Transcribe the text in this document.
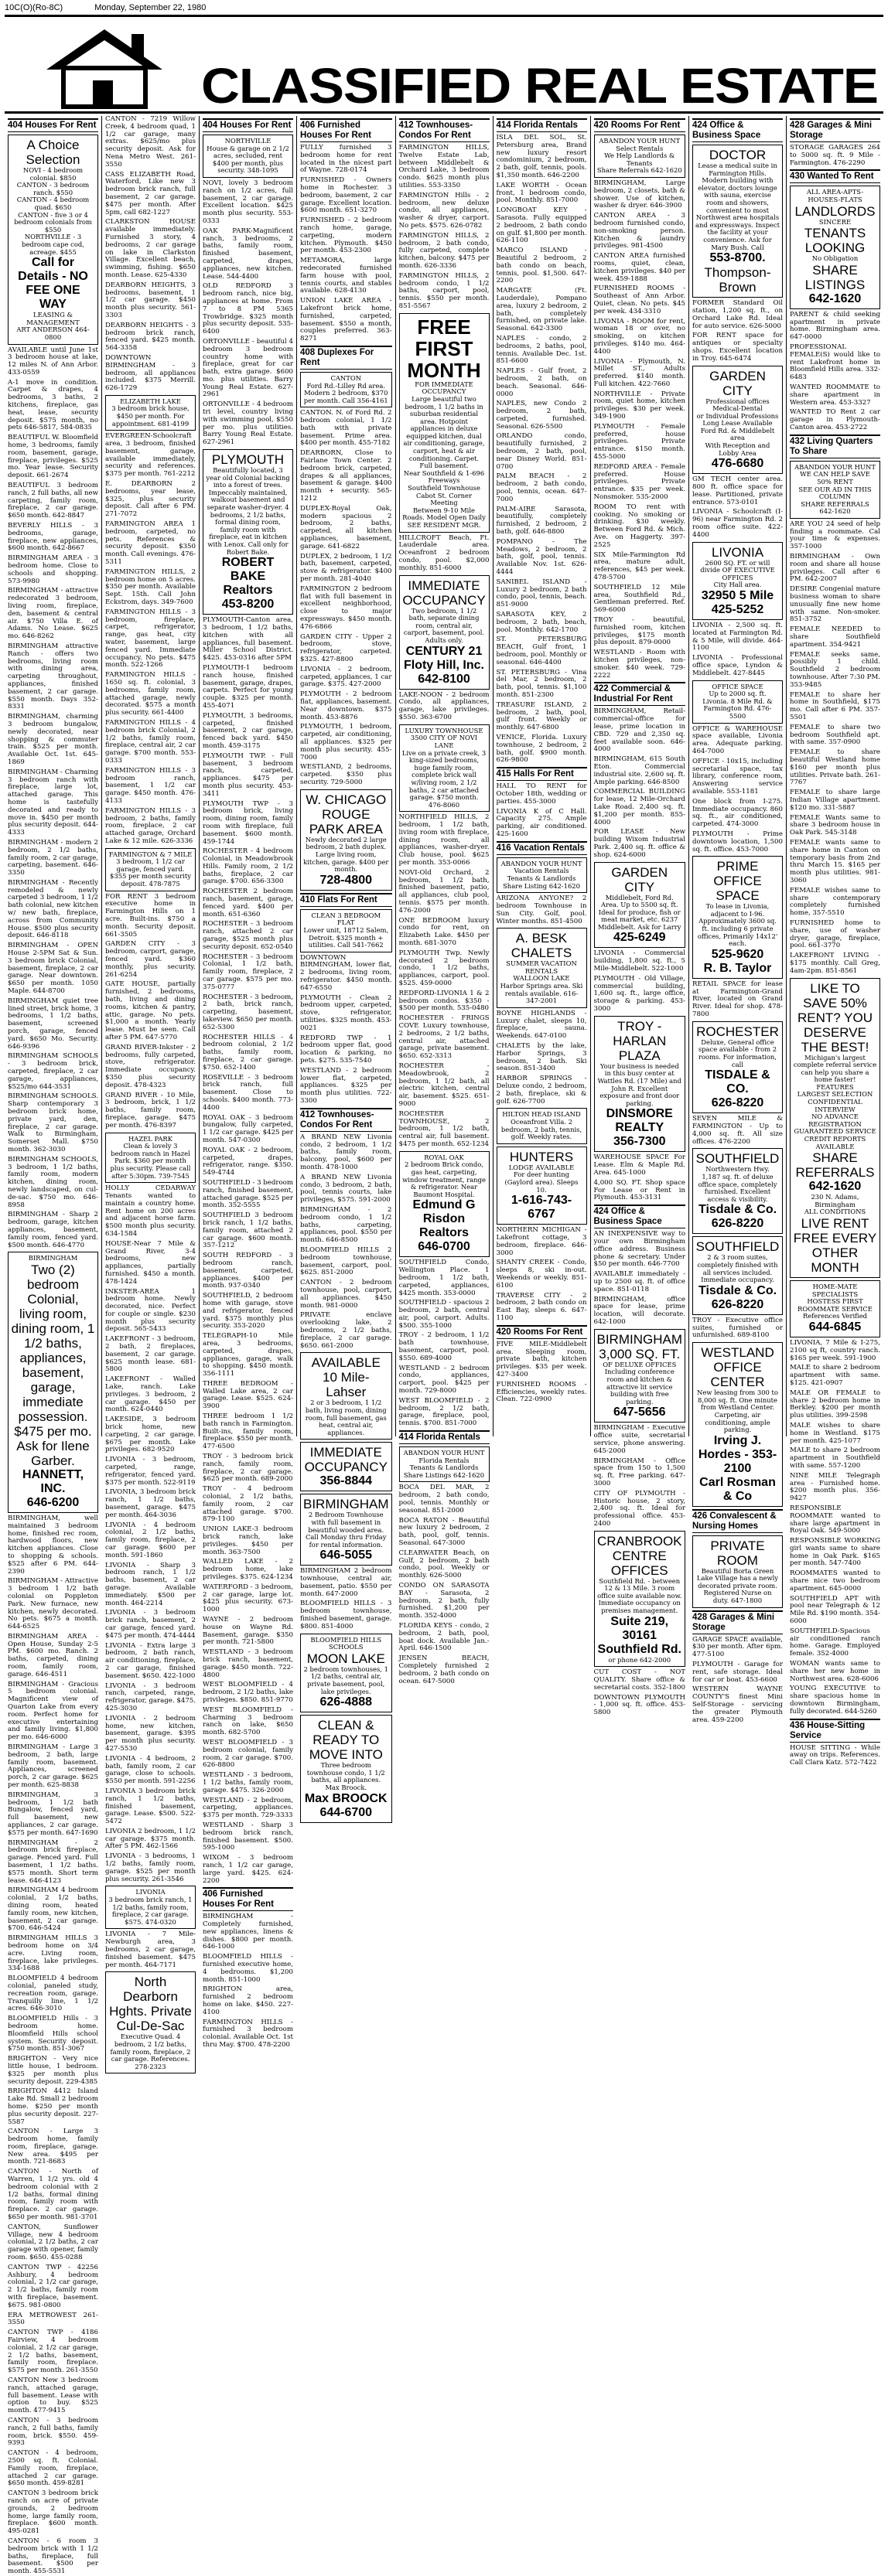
10C(O)(Ro-8C)	Monday, September 22, 1980
CLASSIFIED REAL ESTATE
404 Houses For Rent
A Choice Selection
NOVI - 4 bedroom colonial. $850
CANTON - 3 bedroom ranch. $550
CANTON - 4 bedroom quad. $650
CANTON - five 3 or 4 bedroom colonials from $550
NORTHVILLE - 3 bedroom cape cod, acreage. $455
Call for Details - NO FEE ONE WAY
LEASING & MANAGEMENT
ART ANDERSON 464-0800
AVAILABLE until June 1st 3 bedroom house at lake, 12 miles N. of Ann Arbor. 433-0559
A-1 move in condition. Carpet & drapes, 4 bedrooms, 3 baths, 2 kitchens, fireplace, gas heat, lease, security deposit. $575 month, no pets 646-5817, 584-0835
BEAUTIFUL W. Bloomfield home, 3 bedrooms, family room, basement, garage, fireplace, privileges. $525 mo. Year lease. Security deposit. 661-2674
BEAUTIFUL 3 bedroom ranch, 2 full baths, all new carpeting, family room, fireplace, 2 car garage. $650 month. 642-8847
BEVERLY HILLS - 3 bedrooms, garage, fireplace, new appliances, $600 month. 642-8667
BIRMINGHAM AREA - 3 bedroom home. Close to schools and shopping. 573-9980
BIRMINGHAM - attractive redecorated 3 bedroom, living room, fireplace, den, basement & central air. $750 Villa E. of Adams. No Lease. $625 mo. 646-8262
BIRMINGHAM attractive Ranch - offers two bedrooms, living room with dining area, carpeting throughout, appliances, finished basement, 2 car garage. $550 month. Days 352-8331
BIRMINGHAM, charming 3 bedroom bungalow, newly decorated, near shopping & commuter train. $525 per month. Available Oct. 1st. 645-1869
BIRMINGHAM - Charming 3 bedroom ranch with fireplace, large lot, attached garage. This home is tastefully decorated and ready to move in. $450 per month plus security deposit. 644-4333
BIRMINGHAM - modern 2 bedroom, 2 1/2 baths, family room, 2 car garage, carpeting, basement. 646-3350
BIRMINGHAM - Recently remodeled & newly carpeted 3 bedroom, 1 1/2 bath colonial, new kitchen w/ new bath, fireplace, across from Community House. $500 plus security deposit. 646-8118
BIRMINGHAM - OPEN House 2-5PM Sat & Sun. 3 bedroom brick Colonial, basement, fireplace, 2 car garage. Near downtown. $650 per month. 1050 Maple. 644-8700
BIRMINGHAM quiet tree lined street, brick home, 3 bedrooms, 1 1/2 baths, basement, screened porch, garage, fenced yard. $650 Mo. Security. 646-9396
BIRMINGHAM SCHOOLS - 3 bedroom brick, carpeted, fireplace, 2 car garage, appliances, $525/mo 644-3531
BIRMINGHAM SCHOOLS. Sharp contemporary 3 bedroom brick home, private yard, den, fireplace, 2 car garage. Walk to Birmingham, Somerset Mall. $750 month. 362-3030
BIRMINGHAM SCHOOLS, 3 bedroom, 1 1/2 baths, family room, modern kitchen, dining room, newly landscaped, on cul-de-sac. $750 mo. 646-8958
BIRMINGHAM - Sharp 2 bedroom, garage, kitchen appliances, basement, family room, fenced yard. $500 month. 646-4770
BIRMINGHAM
Two (2) bedroom Colonial, living room, dining room, 1 1/2 baths, appliances, basement, garage, immediate possession. $475 per mo. Ask for Ilene Garber.
HANNETT, INC.
646-6200
BIRMINGHAM, well maintained 3 bedroom home, finished rec room, hardwood floors, new kitchen appliances. Close to shopping & schools. $525 after 6 PM. 644-2390
BIRMINGHAM - Attractive 3 bedroom 1 1/2 bath colonial on Poppleton Park. New furnace, new kitchen, newly decorated. No pets. $675 a month. 644-6525
BIRMINGHAM AREA - Open House, Sunday 2-5 PM. $600 mo. Ranch. 2 baths, carpeted, dining room, family room, garage. 646-4511
BIRMINGHAM - Gracious 5 bedroom colonial. Magnificent view of Quarton Lake from every room. Perfect home for executive entertaining and family living. $1,800 per mo. 646-6000
BIRMINGHAM - Large 3 bedroom, 2 bath, large family room, basement. Appliances, screened porch, 2 car garage. $625 per month. 625-8838
BIRMINGHAM, 3 bedroom, 1 1/2 bath Bungalow, fenced yard, full basement, new appliances, 2 car garage. $575 per month. 647-1690
BIRMINGHAM - 2 bedroom brick fireplace, garage. Fenced yard. Full basement, 1 1/2 baths. $575 month. Short term lease. 646-4123
BIRMINGHAM 4 bedroom colonial, 2 1/2 baths, dining room, heated family room, new kitchen, basement, 2 car garage. $700. 646-5424
BIRMINGHAM HILLS 3 bedroom home on 3/4 acre. Living room, fireplace, lake privileges. 334-1688
BLOOMFIELD 4 bedroom colonial, paneled study, recreation room, garage. Tranquilly line, 1 1/2 acres. 646-3010
BLOOMFIELD Hills - 3 bedroom home. Bloomfield Hills school system. Security deposit. $750 month. 851-3067
BRIGHTON - Very nice little house, 1 bedroom. $325 per month plus security deposit. 229-4385
BRIGHTON 4412 Island Lake Rd. Small 2 bedroom home. $250 per month plus security deposit. 227-5587
CANTON - Large 3 bedroom home, family room, fireplace, garage. New area. $495 per month. 721-8683
CANTON - North of Warren, 1 1/2 yrs. old 4 bedroom colonial with 2 1/2 baths, formal dining room, family room with fireplace. 2 car garage. $650 per month. 981-3701
CANTON, Sunflower Village, new 4 bedroom colonial, 2 1/2 baths, 2 car garage with opener, family room. $650. 455-0288
CANTON TWP - 42256 Ashbury, 4 bedroom colonial, 2 1/2 car garage, 2 1/2 baths, family room with fireplace, basement. $675. 981-0800
ERA METROWEST 261-3550
CANTON TWP - 4186 Fairview, 4 bedroom colonial, 2 1/2 car garage, 2 1/2 baths, basement, family room, fireplace. $575 per month. 261-3550
CANTON New 3 bedroom ranch, attached garage, full basement. Lease with option to buy. $525 month. 477-9415
CANTON - 3 bedroom ranch, 2 full baths, family room, brick. $550. 459-9393
CANTON - 4 bedroom, 2500 sq. ft. Colonial. Family room, fireplace, attached 2 car garage. $650 month. 459-8281
CANTON 3 bedroom brick ranch on acre of private grounds, 2 bedroom home, large family room, fireplace. $600 month. 495-0281
CANTON - 6 room 3 bedroom brick with 1 1/2 baths, fireplace, full basement. $500 per month. 455-5531
CANTON - 7219 Willow Creek, 4 bedroom quad, 1 1/2 car garage, many extras. $625/mo plus security deposit. Ask for Nena Metro West. 261-3550
CASS ELIZABETH Road, Waterford, Like new 3 bedroom brick ranch, full basement, 2 car garage. $475 per month. After 5pm, call 682-1227
CLARKSTON HOUSE available immediately. Furnished 3 story, 4 bedrooms, 2 car garage on lake in Clarkston Village. Excellent beach, swimming, fishing. $650 month. Lease. 625-4330
DEARBORN HEIGHTS, 3 bedrooms, basement, 1 1/2 car garage. $450 month plus security. 561-3303
DEARBORN HEIGHTS - 3 bedroom brick ranch, fenced yard. $425 month. 564-3358
DOWNTOWN BIRMINGHAM - 3 bedroom, all appliances included. $375 Merrill. 626-1729
ELIZABETH LAKE
3 bedroom brick house, $450 per month. For appointment. 681-4199
EVERGREEN-Schoolcraft area, 3 bedroom, finished basement, garage, available immediately, security and references. $375 per month. 761-2212
E. DEARBORN 2 bedrooms, year lease, $325, plus security deposit. Call after 6 PM. 271-7072
FARMINGTON AREA 1 bedroom, carpeted, no pets. References & security deposit. $350 month. Call evenings. 476-5311
FARMINGTON HILLS, 2 bedroom home on 5 acres. $350 per month. Available Sept. 15th. Call John Eckstrom, days. 349-7600
FARMINGTON HILLS - 3 bedroom, fireplace, carpet, refrigerator, range, gas heat, city water, basement, large fenced yard. Immediate occupancy. No pets. $475 month. 522-1266
FARMINGTON HILLS - 1650 sq. ft. colonial, 3 bedrooms, family room, attached garage, newly decorated. $575 a month plus security. 661-4400
FARMINGTON HILLS - 4 bedroom brick Colonial, 2 1/2 baths, family room, fireplace, central air, 2 car garage. $700 month. 553-0333
FARMINGTON HILLS - 3 bedroom ranch, basement, 1 1/2 car garage. $450 month. 476-4133
FARMINGTON HILLS - 3 bedroom, 2 baths, family room, fireplace, 2 car attached garage, Orchard Lake & 12 mile. 626-3336
FARMINGTON & 7 MILE
3 bedroom, 1 1/2 car garage, fenced yard. $355 per month security deposit. 478-7875
FOR RENT 3 bedroom executive home in Farmington Hills on 1 acre. Built-ins. $750 a month. Security deposit. 661-3505
GARDEN CITY - 3 bedroom, carport, garage, fenced yard. $360 monthly, plus security. 261-6254
GATE HOUSE, partially furnished, 2 bedrooms, bath, living and dining rooms, kitchen & pantry, attic, garage. No pets. $1,000 a month. Yearly lease. Must be seen. Call after 5 PM. 647-5770
GRAND RIVER-Inkster - 2 bedrooms, fully carpeted, stove, refrigerator. Immediate occupancy. $350 plus security deposit. 478-4323
GRAND RIVER - 10 Mile, 3 bedroom, brick, 1 1/2 baths, family room, fireplace, garage. $475 per month. 476-8397
HAZEL PARK
Clean & lovely 3 bedroom ranch in Hazel Park. $360 per month plus security. Please call after 5:30pm. 739-7545
HOLLY CEDARWAY Tenants wanted to maintain a country home. Rent home on 200 acres and adjacent horse farm. $500 month plus security. 634-1584
HOUSE-Near 7 Mile & Grand River, 3-4 bedrooms, new appliances, partially furnished. $450 a month. 478-1424
INKSTER-AREA 1 bedroom home. Newly decorated, nice. Perfect for couple or single. $230 month plus security deposit. 565-5433
LAKEFRONT - 3 bedroom, 2 bath, 2 fireplaces, basement, 2 car garage. $625 month lease. 681-5800
LAKEFRONT - Walled Lake, ranch. Lake privileges. 3 bedroom, 2 car garage. $450 per month. 624-0440
LAKESIDE, 3 bedroom brick home, new carpeting, 2 car garage. $675 per month. Lake privileges. 682-9520
LIVONIA - 3 bedroom, carpeted, range, refrigerator, fenced yard. $375 per month. 522-9119
LIVONIA, 3 bedroom brick ranch, 1 1/2 baths, basement, garage. $475 per month. 464-3036
LIVONIA - 4 bedroom colonial, 2 1/2 baths, family room, fireplace, 2 car garage. $600 per month. 591-1860
LIVONIA - Sharp 3 bedroom ranch, 1 1/2 baths, basement, 2 car garage. Available immediately. $500 per month. 464-2214
LIVONIA - 3 bedroom brick ranch, basement, 2 car garage, fenced yard. $475 per month. 474-4444
LIVONIA - Extra large 3 bedroom, 2 bath ranch, air conditioning, fireplace, 2 car garage, finished basement. $650. 422-1000
LIVONIA - 3 bedroom ranch, carpeted, range, refrigerator, garage. $475. 425-3030
LIVONIA - 2 bedroom home, new kitchen, basement, garage. $395 per month plus security. 427-5530
LIVONIA - 4 bedroom, 2 bath, family room, 2 car garage, close to schools. $550 per month. 591-2256
LIVONIA 3 bedroom brick ranch, 1 1/2 baths, finished basement, garage. Lease. $500. 522-5472
LIVONIA 2 bedroom, 1 1/2 car garage. $375 month. After 5 PM. 462-1566
LIVONIA - 3 bedrooms, 1 1/2 baths, family room, garage. $525 per month plus security. 261-3546
LIVONIA
3 bedroom brick ranch, 1 1/2 baths, family room, fireplace, 2 car garage. $575. 474-0320
LIVONIA - 7 Mile-Newburgh area, 3 bedrooms, 2 car garage, finished basement. $475 per month. 464-7171
North Dearborn Hghts. Private Cul-De-Sac
Executive Quad. 4 bedroom, 2 1/2 baths, family room, fireplace, 2 car garage. References. 278-2323
404 Houses For Rent
NORTHVILLE
House & garage on 2 1/2 acres, secluded, rent $400 per month, plus security. 348-1095
NOVI, lovely 3 bedroom ranch on 1/2 acres, full basement, 2 car garage. Excellent location. $425 month plus security. 553-0333
OAK PARK-Magnificent ranch, 3 bedrooms, 2 baths, family room, finished basement, carpeted, drapes, appliances, new kitchen. Lease. 544-4400
OLD REDFORD 3 bedroom ranch, nice big, appliances at home. From 7 to 8 PM 5365 Trowbridge. $325 month plus security deposit. 535-6400
ORTONVILLE - beautiful 4 bedroom 3 bedroom country home with fireplace, great for car bath, extra garage. $600 mo. plus utilities. Barry Young Real Estate. 627-2961
ORTONVILLE - 4 bedroom tri level, country living with swimming pool, $550 per mo. plus utilities. Barry Young Real Estate. 627-2961
PLYMOUTH
Beautifully located, 3 year old Colonial backing into a forest of trees. Impeccably maintained, walkout basement and separate washer-dryer. 4 bedrooms, 2 1/2 baths, formal dining room, family room with fireplace, eat in kitchen with Lenox. Call only for Robert Bake.
ROBERT BAKE Realtors
453-8200
PLYMOUTH-Canton area, 3 bedroom, 1 1/2 baths, kitchen with all appliances, full basement. Miller School District. $425. 453-0316 after 5PM
PLYMOUTH-1 bedroom ranch house, finished basement, garage, drapes, carpets. Perfect for young couple. $325 per month. 455-4071
PLYMOUTH, 3 bedrooms, carpeted, finished basement, 2 car garage, fenced back yard. $450 month. 459-3175
PLYMOUTH TWP. - Full basement, 3 bedroom ranch, carpeted, appliances. $475 per month plus security. 453-3411
PLYMOUTH TWP - 3 bedroom brick, living room, dining room, family room with fireplace, full basement. $600 month. 459-1744
ROCHESTER - 4 bedroom Colonial, in Meadowbrook Hills. Family room, 2 1/2 baths, fireplace, 2 car garage. $700. 656-3300
ROCHESTER 2 bedroom ranch, basement, garage, fenced yard. $400 per month. 651-6360
ROCHESTER - 3 bedroom ranch, attached 2 car garage, $525 month plus security deposit. 652-0540
ROCHESTER - 3 bedroom Colonial, 1 1/2 bath, family room, fireplace, 2 car garage. $575 per mo. 375-0777
ROCHESTER - 3 bedroom, 2 bath, brick ranch, carpeting, basement, lakeview. $650 per month. 652-5300
ROCHESTER HILLS - 4 bedroom colonial, 2 1/2 baths, family room, fireplace, 2 car garage. $750. 652-1400
ROSEVILLE - 3 bedroom brick ranch, full basement. Close to schools. $400 month. 773-4400
ROYAL OAK - 3 bedroom bungalow, fully carpeted, 1 1/2 car garage. $425 per month. 547-0300
ROYAL OAK - 2 bedroom, carpeted, drapes, refrigerator, range. $350. 549-4744
SOUTHFIELD - 3 bedroom ranch, finished basement, attached garage. $525 per month. 352-5555
SOUTHFIELD 3 bedroom brick ranch, 1 1/2 baths, family room, attached 2 car garage. $600 month. 357-1212
SOUTH REDFORD - 3 bedroom ranch, basement, carpeted, appliances. $400 per month. 937-0340
SOUTHFIELD, 2 bedroom home with garage, stove and refrigerator, fenced yard. $375 monthly plus security. 353-2020
TELEGRAPH-10 Mile area, 3 bedrooms, carpeted, drapes, appliances, garage, walk to shopping. $450 month. 356-1111
THREE BEDROOM - Walled Lake area, 2 car garage. Lease. $525. 624-3900
THREE bedroom 1 1/2 bath ranch in Farmington. Built-ins, family room, fireplace. $550 per month. 477-6500
TROY - 3 bedroom brick ranch, family room, fireplace, 2 car garage. $625 per month. 689-2000
TROY - 4 bedroom colonial, 2 1/2 baths, family room, 2 car attached garage. $700. 879-1100
UNION LAKE-3 bedroom brick ranch, lake privileges. $450 per month. 363-7500
WALLED LAKE - 2 bedroom home, lake privileges. $375. 624-1234
WATERFORD - 3 bedroom, 2 car garage, large lot. $425 plus security. 673-1000
WAYNE - 2 bedroom house on Wayne Rd. Basement, garage. $350 per month. 721-5800
WESTLAND - 3 bedroom brick ranch, basement, garage. $450 month. 722-4800
WEST BLOOMFIELD - 4 bedroom, 2 1/2 baths, lake privileges. $850. 851-9770
WEST BLOOMFIELD - Charming 3 bedroom ranch on lake, $650 month. 682-5700
WEST BLOOMFIELD - 3 bedroom colonial, family room, 2 car garage. $700. 626-8800
WESTLAND - 3 bedroom, 1 1/2 baths, family room, garage. $475. 326-2000
WESTLAND - 2 bedroom, carpeting, appliances. $375 per month. 729-3333
WESTLAND - Sharp 3 bedroom brick ranch, finished basement. $500. 595-1000
WIXOM - 3 bedroom ranch, 1 1/2 car garage, large yard. $425. 624-2200
406 Furnished Houses For Rent
BIRMINGHAM - Completely furnished, new appliances, linens & dishes. $800 per month. 646-1000
BLOOMFIELD HILLS - furnished executive home, 4 bedrooms. $1,200 month. 851-1000
BRIGHTON area, furnished 2 bedroom home on lake. $450. 227-4100
FARMINGTON HILLS - furnished 3 bedroom colonial. Available Oct. 1st thru May. $700. 478-2200
406 Furnished Houses For Rent
FULLY furnished 3 bedroom home for rent located in the nicest part of Wayne. 728-0174
FURNISHED - Owners home in Rochester. 3 bedroom, basement, 2 car garage. Excellent location. $600 month. 651-3270
FURNISHED - 2 bedroom ranch home, garage, carpeting, modern kitchen. Plymouth. $450 per month. 453-2300
METAMORA, large redecorated furnished farm house with pool, tennis courts, and stables available. 628-4130
UNION LAKE AREA - Lakefront brick home, furnished, carpeted, basement. $550 a month, couples preferred. 363-8271
408 Duplexes For Rent
CANTON
Ford Rd.-Lilley Rd area. Modern 2 bedroom, $370 per month. Call 356-4161
CANTON. N. of Ford Rd. 2 bedroom colonial, 1 1/2 bath with private basement. Prime area. $400 per month. 455-7182
DEARBORN, Close to Fairlane Town Center. 2 bedroom brick, carpeted, drapes & all appliances, basement & garage. $400 month + security. 565-1212
DUPLEX-Royal Oak, modern spacious 2 bedroom, 2 baths, carpeted, all kitchen appliances, basement, garage. 641-6822
DUPLEX, 2 bedroom, 1 1/2 bath, basement, carpeted, stove & refrigerator. $400 per month. 281-4040
FARMINGTON 2 bedroom flat with full basement in excellent neighborhood, close to major expressways. $450 month. 476-6866
GARDEN CITY - Upper 2 bedroom, stove, refrigerator, carpeted. $325. 427-8800
LIVONIA - 2 bedroom, carpeted, appliances, 1 car garage. $375. 427-2000
PLYMOUTH - 2 bedroom flat, appliances, basement. Near downtown. $375 month. 453-8876
PLYMOUTH, 1 bedroom, carpeted, air conditioning, all appliances. $325 per month plus security. 455-7000
WESTLAND, 2 bedrooms, carpeted. $350 plus security. 729-5000
W. CHICAGO ROUGE PARK AREA
Newly decorated 2 large bedroom, 2 bath duplex. Large living room, kitchen, garage. $400 per month.
728-4800
410 Flats For Rent
CLEAN 3 BEDROOM FLAT
Lower unit, 18712 Salem, Detroit. $325 month + utilities. Call 541-7662
DOWNTOWN BIRMINGHAM, lower flat, 2 bedrooms, living room, refrigerator. $450 month. 647-6550
PLYMOUTH - Clean 2 bedroom upper, carpeted, stove, refrigerator, utilities. $325 month. 453-0021
REDFORD TWP - 1 bedroom upper flat, good location & parking, no pets. $275. 535-7540
WESTLAND - 2 bedroom lower flat, carpeted, appliances. $325 per month plus utilities. 722-3300
412 Townhouses-Condos For Rent
A BRAND NEW Livonia condo, 2 bedroom, 1 1/2 baths, family room, balcony, pool, $600 per month. 478-1000
A BRAND NEW Livonia condo, 3 bedroom, 2 bath, pool, tennis courts, lake privileges, $575. 591-2000
BIRMINGHAM - 2 bedroom condo, 1 1/2 baths, carpeting, appliances, pool. $550 per month. 646-8500
BLOOMFIELD HILLS 2 bedroom townhouse, basement, carport, pool. $625. 851-2000
CANTON - 2 bedroom townhouse, pool, carport, all appliances. $450 month. 981-0000
PRIVATE enclave overlooking lake, 2 bedrooms, 2 1/2 baths, fireplace, 2 car garage. $650. 661-2000
AVAILABLE
10 Mile-Lahser
2 or 3 bedroom, 1 1/2 bath, living room, dining room, full basement, gas heat, central air, appliances.
IMMEDIATE OCCUPANCY
356-8844
BIRMINGHAM
2 Bedroom Townhouse with full basement in beautiful wooded area. Call Monday thru Friday for rental information.
646-5055
BIRMINGHAM 2 bedroom townhouse, central air, basement, patio. $550 per month. 647-2000
BLOOMFIELD HILLS - 3 bedroom townhouse, finished basement, garage. $800. 851-4000
BLOOMFIELD HILLS SCHOOLS
MOON LAKE
2 bedroom townhouses, 1 1/2 baths, central air, private basement, pool, lake privileges.
626-4888
CLEAN & READY TO MOVE INTO
Three bedroom townhouse condo, 1 1/2 baths, all appliances. Max Broock.
Max BROOCK
644-6700
412 Townhouses-Condos For Rent
FARMINGTON HILLS, Twelve Estate Lab, between Middlebelt & Orchard Lake, 3 bedroom condo. $625 month plus utilities. 553-3350
FARMINGTON Hills - 2 bedroom, new deluxe condo, all appliances, washer & dryer, carport. No pets. $575. 626-0782
FARMINGTON HILLS, 2 bedroom, 2 bath condo, fully carpeted, complete kitchen, balcony. $475 per month. 626-3336
FARMINGTON HILLS, 2 bedroom condo, 1 1/2 baths, carport, pool, tennis. $550 per month. 851-5567
FREE
FIRST MONTH
FOR IMMEDIATE OCCUPANCY
Large beautiful two bedroom, 1 1/2 baths in suburban residential area. Hotpoint appliances in deluxe equipped kitchen, dual air conditioning, garage, carport, heat & air conditioning. Carpet. Full basement.
Near Southfield & 1-696 Freeways
Southfield Townhouse Cabot St. Corner Meeting
Between 9-10 Mile Roads. Model Open Daily
SEE RESIDENT MGR.
HILLCROFT Beach, Ft. Lauderdale area. Oceanfront 2 bedroom condo, pool. $2,000 monthly. 851-6000
IMMEDIATE OCCUPANCY
Two bedroom, 1 1/2 bath, separate dining room, central air, carport, basement, pool. Adults only.
CENTURY 21 Floty Hill, Inc.
642-8100
LAKE-NOON - 2 bedroom Condo, all appliances, garage, lake privileges. $550. 363-6700
LUXURY TOWNHOUSE
3500 CITY OF NOVI LANE
Live on a private creek, 3 king-sized bedrooms, huge family room, complete brick wall w/living room, 2 1/2 baths, 2 car attached garage. $750 month. 476-8060
NORTHFIELD HILLS, 2 bedroom, 1 1/2 bath, living room with fireplace, dining room, all appliances, washer-dryer. Club house, pool. $625 per month. 353-0066
NOVI-Old Orchard, 2 bedroom, 1 1/2 bath, finished basement, patio, all appliances, club pool, tennis. $575 per month. 476-2000
ONE BEDROOM luxury condo for rent, on Elizabeth Lake. $450 per month. 681-3070
PLYMOUTH Twp. Newly decorated 2 bedroom condo, 1 1/2 baths, appliances, carport, pool. $525. 459-0000
REDFORD-LIVONIA 1 & 2 bedroom condos. $350 - $500 per month. 535-0480
ROCHESTER - FRINGS COVE Luxury townhouse, 2 bedrooms, 2 1/2 baths, central air, attached garage, private basement. $650. 652-3313
ROCHESTER - Meadowbrook, 2 bedroom, 1 1/2 bath, all electric kitchen, central air, basement. $525. 651-9000
ROCHESTER TOWNHOUSE, 2 bedroom, 1 1/2 bath, central air, full basement. $475 per month. 652-1234
ROYAL OAK
2 bedroom Brick condo, gas heat, carpeting, window treatment, range & refrigerator. Near Baumont Hospital.
Edmund G Risdon Realtors
646-0700
SOUTHFIELD Condo, Wellington Place. 1 bedroom, 1 1/2 bath, carpeted, appliances, $425 month. 353-0000
SOUTHFIELD - spacious 2 bedroom, 2 bath, central air, pool, carport. Adults. $500. 355-1000
TROY - 2 bedroom, 1 1/2 bath townhouse, basement, carport, pool. $550. 689-4000
WESTLAND - 2 bedroom condo, appliances, carport, pool. $425 per month. 729-8000
WEST BLOOMFIELD - 2 bedroom, 2 1/2 bath, garage, fireplace, pool, tennis. $700. 851-7000
414 Florida Rentals
ABANDON YOUR HUNT
Florida Rentals
Tenants & Landlords
Share Listings 642-1620
BOCA DEL MAR, 2 bedroom, 2 bath condo, pool, tennis. Monthly or seasonal. 851-2000
BOCA RATON - Beautiful new luxury 2 bedroom, 2 bath, pool, golf, tennis. Seasonal. 647-3000
CLEARWATER Beach, on Gulf, 2 bedroom, 2 bath condo, pool. Weekly or monthly. 626-5000
CONDO ON SARASOTA BAY - Sarasota, 2 bedroom, 2 bath, fully furnished. $1,200 per month. 352-4000
FLORIDA KEYS - condo, 2 bedroom, 2 bath, pool, boat dock. Available Jan.-April. 646-1500
JENSEN BEACH, Completely furnished 2 bedroom, 2 bath condo on ocean. 647-5000
414 Florida Rentals
ISLA DEL SOL, St. Petersburg area, Brand new luxury resort condominium, 2 bedroom, 2 bath, golf, tennis, pools. $1,350 month. 646-2200
LAKE WORTH - Ocean front, 1 bedroom condo, pool. Monthly. 851-7000
LONGBOAT KEY - Sarasota. Fully equipped 2 bedroom, 2 bath condo on gulf. $1,800 per month. 626-1100
MARCO ISLAND - Beautiful 2 bedroom, 2 bath condo on beach, tennis, pool. $1,500. 647-2200
MARGATE (Ft. Lauderdale), Pompano area, luxury 2 bedroom, 2 bath, completely furnished, on private lake. Seasonal. 642-3300
NAPLES - condo, 2 bedrooms, 2 baths, pool, tennis. Available Dec. 1st. 851-6600
NAPLES - Gulf front, 2 bedroom, 2 bath, on beach. Seasonal. 646-0000
NAPLES, new Condo 2 bedroom, 2 bath, carpeted, furnished. Seasonal. 626-5500
ORLANDO condo, beautifully furnished, 2 bedroom, 2 bath, pool, near Disney World. 851-0700
PALM BEACH - 2 bedroom, 2 bath condo, pool, tennis, ocean. 647-7000
PALM-AIRE Sarasota, beautifully, completely furnished, 2 bedroom, 2 bath, golf. 646-8800
POMPANO - The Meadows, 2 bedroom, 2 bath, golf, pool, tennis. Available Nov. 1st. 626-4444
SANIBEL ISLAND - Luxury 2 bedroom, 2 bath condo, pool, tennis, beach. 851-9000
SARASOTA KEY, 2 bedroom, 2 bath, beach, pool. Monthly. 642-1700
ST. PETERSBURG BEACH, Gulf front, 1 bedroom, pool. Monthly or seasonal. 646-4400
ST. PETERSBURG - Vina del Mar, 2 bedroom, 2 bath, pool, tennis. $1,100 month. 851-2300
TREASURE ISLAND, 2 bedroom, 2 bath, pool, gulf front. Weekly or monthly. 647-6800
VENICE, Florida. Luxury townhouse, 2 bedroom, 2 bath, golf. $900 month. 626-9800
415 Halls For Rent
HALL TO RENT for October 18th, wedding or parties. 455-3000
LIVONIA K of C Hall. Capacity 275. Ample parking, air conditioned. 425-1600
416 Vacation Rentals
ABANDON YOUR HUNT
Vacation Rentals
Tenants & Landlords
Share Listing 642-1620
ARIZONA ANYONE? 2 bedroom Townhouse in Sun City. Golf, pool. Winter months. 851-4500
A. BESK CHALETS
SUMMER VACATION RENTALS
WALLOON LAKE
Harbor Springs area. Ski rentals available. 616-347-2001
BOYNE HIGHLANDS - Luxury chalet, sleeps 10, fireplace, sauna. Weekends. 647-0100
CHALETS by the lake, Harbor Springs, 3 bedroom, 2 bath. Ski season. 851-3400
HARBOR SPRINGS - Deluxe condo, 2 bedroom, 2 bath, fireplace, ski & golf. 626-7700
HILTON HEAD ISLAND
Oceanfront Villa. 2 bedroom, 2 bath, tennis, golf. Weekly rates.
HUNTERS
LODGE AVAILABLE
For deer hunting (Gaylord area). Sleeps 10.
1-616-743-6767
NORTHERN MICHIGAN - Lakefront cottage, 3 bedroom, fireplace. 646-3000
SHANTY CREEK - Condo, sleeps 8, ski in-out. Weekends or weekly. 851-6100
TRAVERSE CITY - 2 bedroom, 2 bath condo on East Bay, sleeps 6. 647-1100
420 Rooms For Rent
FIVE MILE-Middlebelt area. Sleeping room, private bath, kitchen privileges. $35 per week. 427-3400
FURNISHED ROOMS - Efficiencies, weekly rates. Clean. 722-0900
420 Rooms For Rent
ABANDON YOUR HUNT
Select Rentals
We Help Landlords & Tenants
Share Referrals 642-1620
BIRMINGHAM, Large bedroom, 2 closets, bath & shower. Use of kitchen, washer & dryer. 646-3900
CANTON AREA - 3 bedroom furnished condo, non-smoking person. Kitchen & laundry privileges. 981-4500
CANTON AREA furnished rooms, quiet, clean, kitchen privileges. $40 per week. 459-1888
FURNISHED ROOMS - Southeast of Ann Arbor. Quiet, clean. No pets. $45 per week. 434-3310
LIVONIA - ROOM for rent, woman 18 or over, no smoking, on kitchen privileges. $140 mo. 464-4400
LIVONIA - Plymouth, N. Millet ST., Adults preferred. $140 month. Full kitchen. 422-7660
NORTHVILLE - Private room, quiet home, kitchen privileges. $30 per week. 349-1900
PLYMOUTH - Female preferred, house privileges. Private entrance. $150 month. 455-5000
REDFORD AREA - Female preferred. House privileges. Private entrance. $35 per week. Nonsmoker. 535-2000
ROOM TO rent with cooking. No smoking or drinking. $30 weekly. Between Ford Rd. & Mich. Ave. on Haggerty. 397-2525
SIX Mile-Farmington Rd area, mature adult, references, $45 per week. 478-5700
SOUTHFIELD 12 Mile area, Southfield Rd., Gentleman preferred. Ref. 569-6000
TROY - beautiful, furnished room, kitchen privileges, $175 month plus deposit. 879-0000
WESTLAND - Room with kitchen privileges, non-smoker. $40 week. 729-2222
422 Commercial & Industrial For Rent
BIRMINGHAM, Retail-commercial-office for lease, prime location in CBD. 729 and 2,350 sq. feet available soon. 646-4000
BIRMINGHAM, 615 South Eton. Commercial industrial site. 2,600 sq. ft. Ample parking. 646-8500
COMMERCIAL BUILDING for lease, 12 Mile-Orchard Lake Road. 2,400 sq. ft. $1,200 per month. 855-4000
FOR LEASE - New building Wixom Industrial Park. 2,400 sq. ft. office & shop. 624-6000
GARDEN CITY
Middlebelt, Ford Rd. Area. Up to 5500 sq. ft. Ideal for produce, fish or meat market, etc. 6237 Middlebelt. Ask for Larry
425-6249
LIVONIA - Commercial building, 1,800 sq. ft., 5 Mile-Middlebelt. 522-1000
PLYMOUTH - Old Village, commercial building, 1,600 sq. ft., large office, storage & parking. 453-3000
TROY - HARLAN PLAZA
Your business is needed in this busy center at Wattles Rd. (17 Mile) and John R. Excellent exposure and front door parking.
DINSMORE REALTY
356-7300
WAREHOUSE SPACE For Lease. Elm & Maple Rd. Area. 645-1000
4,000 SQ. FT. Shop space For Lease or Rent in Plymouth. 453-3131
424 Office & Business Space
AN INEXPENSIVE way to your own Birmingham office address. Business phone & secretary. Under $50 per month. 646-7700
AVAILABLE immediately - up to 2500 sq. ft. of office space. 851-0118
BIRMINGHAM, office space for lease, prime location, will decorate. 642-1000
BIRMINGHAM
3,000 SQ. FT.
OF DELUXE OFFICES
Including conference room and kitchen & attractive lit service building with free parking.
647-5656
BIRMINGHAM - Executive office suite, secretarial service, phone answering. 645-2000
BIRMINGHAM - Office space from 150 to 1,500 sq. ft. Free parking. 647-3000
CITY OF PLYMOUTH - Historic house, 2 story, 2,400 sq. ft. Ideal for professional office. 453-2400
CRANBROOK CENTRE OFFICES
Southfield Rd. - between 12 & 13 Mile. 3 room office suite available now. Immediate occupancy on premises management.
Suite 219, 30161 Southfield Rd.
or phone 642-2000
CUT COST - NOT QUALITY. Share office & secretarial costs. 352-1800
DOWNTOWN PLYMOUTH - 1,000 sq. ft. office. 453-5800
424 Office & Business Space
DOCTOR
Lease a medical suite in Farmington Hills. Modern building with elevator, doctors lounge with sauna, exercise room and showers, convenient to most Northwest area hospitals and expressways. Inspect the facility at your convenience. Ask for Mary Bush. Call
553-8700.
Thompson-Brown
FORMER Standard Oil station, 1,200 sq. ft., on Orchard Lake Rd. Ideal for auto service. 626-5000
FOR RENT space for antiques or specialty shops. Excellent location in Troy. 645-6474
GARDEN CITY
Professional offices
Medical-Dental
or Individual Professions
Long Lease Available
Ford Rd. & Middlebelt area
With Reception and Lobby Area
476-6680
GM TECH center area. 800 ft. office space for lease. Partitioned, private entrance. 573-0101
LIVONIA - Schoolcraft (I-96) near Farmington Rd. 2 room office suite. 422-4400
LIVONIA
2600 SQ. FT. or will divide OF EXECUTIVE OFFICES
City Hall area.
32950 5 Mile
425-5252
LIVONIA - 2,500 sq. ft. located at Farmington Rd. & 5 Mile, will divide. 464-1100
LIVONIA - Professional office space, Lyndon & Middlebelt. 427-8445
OFFICE SPACE
Up to 2000 sq. ft. Livonia. 8 Mile Rd. & Farmington Rd. 476-5500
OFFICE & WAREHOUSE space available, Livonia area. Adequate parking. 464-7000
OFFICE - 10x15, including secretarial space, tax library, conference room, Answering service available. 553-1181
One block from I-275. Immediate occupancy. 860 sq. ft., air conditioned, carpeted. 474-3000
PLYMOUTH - Prime downtown location, 1,500 sq. ft. office. 453-7000
PRIME OFFICE SPACE
To lease in Livonia, adjacent to I-96. Approximately 3600 sq. ft. including 6 private offices, Primarily 14x12' each.
525-9620
R. B. Taylor
RETAIL SPACE for lease at Farmington-Grand River, located on Grand River. Ideal for shop. 478-7800
ROCHESTER
Deluxe, General office space available - from 2 rooms. For information, call
TISDALE & CO.
626-8220
SEVEN MILE & FARMINGTON - Up to 4,000 sq. ft. All size offices. 476-2200
SOUTHFIELD
Northwestern Hwy.
1,187 sq. ft. of deluxe office space, completely furnished. Excellent access & visibility.
Tisdale & Co.
626-8220
SOUTHFIELD
2 & 3 room suites, completely finished with all services included. Immediate occupancy.
Tisdale & Co.
626-8220
TROY - Executive office suites, furnished or unfurnished. 689-8100
WESTLAND OFFICE CENTER
New leasing from 300 to 8,000 sq. ft. One minute from Westland Center. Carpeting, air conditioning, ample parking.
Irving J. Hordes - 353-2100
Carl Rosman & Co
426 Convalescent & Nursing Homes
PRIVATE ROOM
Beautiful Borta Green Lake Village has a newly decorated private room. Registered Nurse on duty. 647-1800
428 Garages & Mini Storage
GARAGE SPACE available, $30 per month. After 6pm. 477-5100
PLYMOUTH - Garage for rent, safe storage. Ideal for car or boat. 453-6600
WESTERN WAYNE COUNTY'S finest Mini Self-Storage - servicing the greater Plymouth area. 459-2200
428 Garages & Mini Storage
STORAGE GARAGES 264 to 5000 sq. ft. 9 Mile - Farmington. 476-2290
430 Wanted To Rent
ALL AREA-APTS-HOUSES-FLATS
LANDLORDS
SINCERE
TENANTS LOOKING
No Obligation
SHARE LISTINGS
642-1620
PARENT & child seeking apartment in private home. Birmingham area. 647-0000
PROFESSIONAL FEMALE(S) would like to rent Lakefront home in Bloomfield Hills area. 332-6483
WANTED ROOMMATE to share apartment in Western area. 453-3327
WANTED TO Rent 2 car garage in Plymouth-Canton area. 453-2722
432 Living Quarters To Share
ABANDON YOUR HUNT
WE CAN HELP SAVE 50% RENT
SEE OUR AD IN THIS COLUMN
SHARE REFERRALS 642-1620
ARE YOU 24 seed of help finding a roommate. Cal your time & expenses. 357-1000
BIRMINGHAM - Own room and share all house privileges. Call after 6 PM. 642-2007
DESIRE Congenial mature business woman to share unusually fine new home with same. Non-smoker. 851-3752
FEMALE NEEDED to share Southfield apartment. 354-9421
FEMALE seeks same, possibly 1 child. Southfield 2 bedroom townhouse. After 7:30 PM. 353-9485
FEMALE to share her home in Southfield, $175 mo. Call after 6 PM. 357-5501
FEMALE to share two bedroom Southfield apt. with same. 357-0900
FEMALE to share beautiful Westland home $160 per month plus utilities. Private bath. 261-7767
FEMALE to share large Indian Village apartment. $120 mo. 331-5887
FEMALE Wants same to share 3 bedroom house in Oak Park. 545-3148
FEMALE wants same to share home in Canton on temporary basis from 2nd thru March 15. $165 per month plus utilities. 981-3060
FEMALE wishes same to share contemporary completely furnished home, 357-5510
FURNISHED home to share, use of washer dryer, garage, fireplace, pool. 661-3770
LAKEFRONT LIVING - $175 monthly. Call Greg, 4am-2pm. 851-8561
LIKE TO SAVE 50% RENT? YOU DESERVE THE BEST!
Michigan's largest complete referral service can help you share a home faster!
FEATURES
LARGEST SELECTION
CONFIDENTIAL INTERVIEW
NO ADVANCE REGISTRATION
GUARANTEED SERVICE
CREDIT REPORTS AVAILABLE
SHARE REFERRALS
642-1620
230 N. Adams, Birmingham
ALL CONDITIONS
LIVE RENT FREE EVERY OTHER MONTH
HOME-MATE SPECIALISTS
HOSTESS FIRST
ROOMMATE SERVICE
References Verified
644-6845
LIVONIA, 7 Mile & I-275, 2100 sq ft, country ranch. $165 per week. 591-1900
MALE to share 2 bedroom apartment with same. $125. 421-0907
MALE OR FEMALE to share 2 bedroom home in Berkley. $200 per month plus utilities. 399-2598
MALE wishes to share home in Westland. $175 per month. 425-1077
MALE to share 2 bedroom apartment in Southfield with same. 557-1200
NINE MILE Telegraph area - Furnished home. $200 month plus. 356-9427
RESPONSIBLE ROOMMATE wanted to share large apartment in Royal Oak. 549-5000
RESPONSIBLE WORKING girl wants same to share home in Oak Park. $165 per month. 547-7400
ROOMMATES wanted to share nice two bedroom apartment. 645-0000
SOUTHFIELD APT with pool near Telegraph & 12 Mile Rd. $190 month. 354-6000
SOUTHFIELD-Spacious air conditioned ranch home. Garage. Employed female. 352-4000
WOMAN wants same to share her new home in Northwest area. 628-6006
YOUNG EXECUTIVE to share spacious home in downtown Birmingham, fully decorated. 644-5260
436 House-Sitting Service
HOUSE SITTING - While away on trips. References. Call Clara Katz. 572-7422
